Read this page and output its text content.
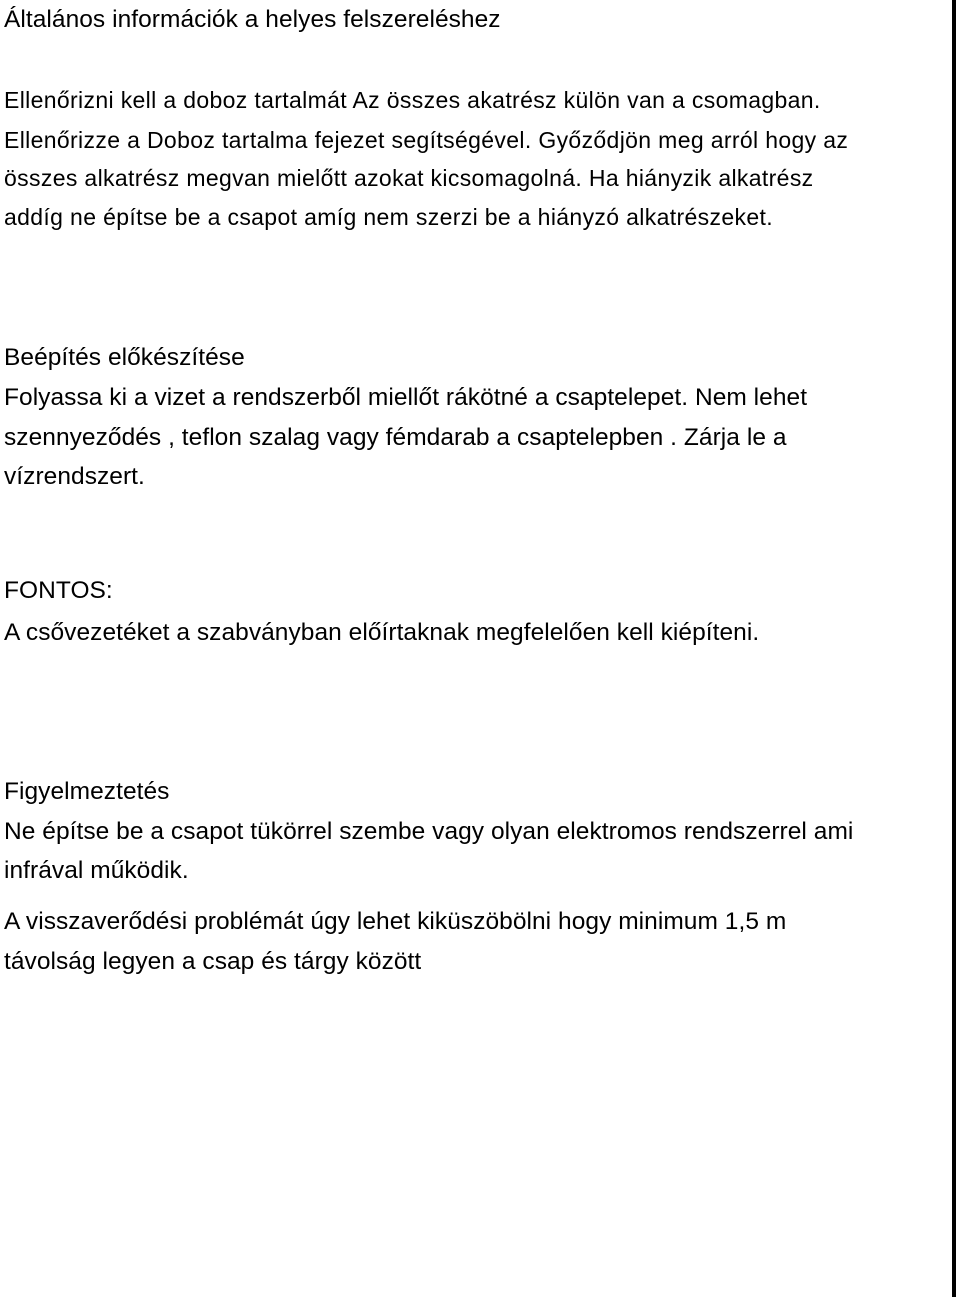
Általános információk a helyes felszereléshez
Ellenőrizni kell a doboz tartalmát Az összes akatrész külön van a csomagban.
Ellenőrizze a Doboz tartalma fejezet segítségével. Győződjön meg arról hogy az
összes alkatrész megvan mielőtt azokat kicsomagolná. Ha hiányzik alkatrész
addíg ne építse be a csapot amíg nem szerzi be a hiányzó alkatrészeket.
Beépítés előkészítése
Folyassa ki a vizet a rendszerből miellőt rákötné a csaptelepet. Nem lehet
szennyeződés , teflon szalag vagy fémdarab a csaptelepben . Zárja le a
vízrendszert.
FONTOS:
A csővezetéket a szabványban előírtaknak megfelelően kell kiépíteni.
Figyelmeztetés
Ne építse be a csapot tükörrel szembe vagy olyan elektromos rendszerrel ami
infrával működik.
A visszaverődési problémát úgy lehet kiküszöbölni hogy minimum 1,5 m
távolság legyen a csap és tárgy között
